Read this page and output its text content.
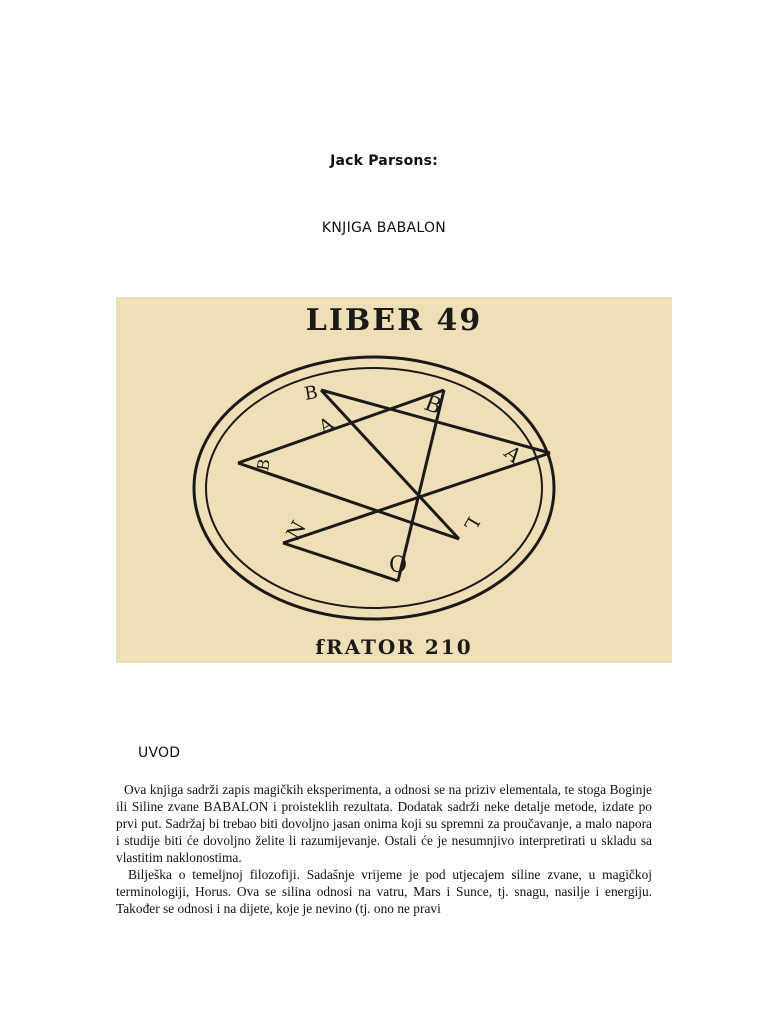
Jack Parsons:
KNJIGA BABALON
LIBER 49
fRATOR 210
A
B	B
A
L
O
N
B
UVOD

Ova knjiga sadrži zapis magičkih eksperimenta, a odnosi se na priziv elementala, te stoga Boginje ili Siline zvane BABALON i proisteklih rezultata. Dodatak sadrži neke detalje metode, izdate po prvi put. Sadržaj bi trebao biti dovoljno jasan onima koji su spremni za proučavanje, a malo napora i studije biti će dovoljno želite li razumijevanje. Ostali će je nesumnjivo interpretirati u skladu sa vlastitim naklonostima.

Bilješka o temeljnoj filozofiji. Sadašnje vrijeme je pod utjecajem siline zvane, u magičkoj terminologiji, Horus. Ova se silina odnosi na vatru, Mars i Sunce, tj. snagu, nasilje i energiju. Također se odnosi i na dijete, koje je nevino (tj. ono ne pravi
